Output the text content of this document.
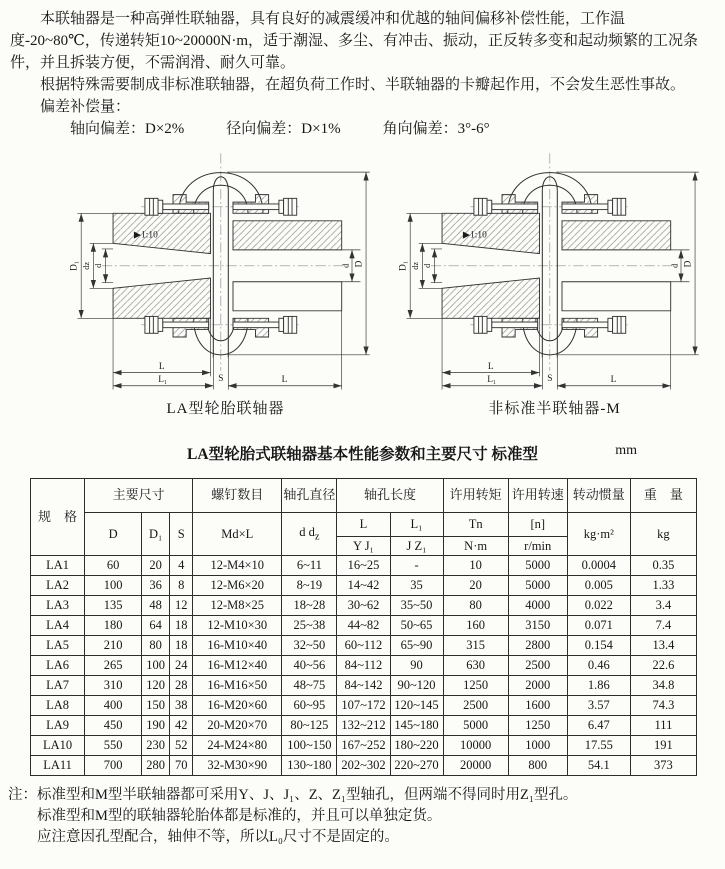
本联轴器是一种高弹性联轴器，具有良好的减震缓冲和优越的轴间偏移补偿性能，工作温度-20~80℃，传递转矩10~20000N·m，适于潮湿、多尘、有冲击、振动，正反转多变和起动频繁的工况条件，并且拆装方便，不需润滑、耐久可靠。

根据特殊需要制成非标准联轴器，在超负荷工作时、半联轴器的卡瓣起作用，不会发生恶性事故。

偏差补偿量：

轴向偏差：D×2%	径向偏差：D×1%	角向偏差：3°-6°

LA型轮胎联轴器	非标准半联轴器-M
LA型轮胎式联轴器基本性能参数和主要尺寸 标准型	mm
规　格	主要尺寸			螺钉数目	轴孔直径	轴孔长度		许用转矩	许用转速	转动惯量	重　量
	D	D₁	S	Md×L	d $d_z$	L	L₁	Tn	[n]	kg·m²	kg
						Y J₁	J Z₁	N·m	r/min		
LA1	60	20	4	12-M4×10	6~11	16~25	-	10	5000	0.0004	0.35
LA2	100	36	8	12-M6×20	8~19	14~42	35	20	5000	0.005	1.33
LA3	135	48	12	12-M8×25	18~28	30~62	35~50	80	4000	0.022	3.4
LA4	180	64	18	12-M10×30	25~38	44~82	50~65	160	3150	0.071	7.4
LA5	210	80	18	16-M10×40	32~50	60~112	65~90	315	2800	0.154	13.4
LA6	265	100	24	16-M12×40	40~56	84~112	90	630	2500	0.46	22.6
LA7	310	120	28	16-M16×50	48~75	84~142	90~120	1250	2000	1.86	34.8
LA8	400	150	38	16-M20×60	60~95	107~172	120~145	2500	1600	3.57	74.3
LA9	450	190	42	20-M20×70	80~125	132~212	145~180	5000	1250	6.47	111
LA10	550	230	52	24-M24×80	100~150	167~252	180~220	10000	1000	17.55	191
LA11	700	280	70	32-M30×90	130~180	202~302	220~270	20000	800	54.1	373
注： 标准型和M型半联轴器都可采用Y、J、J₁、Z、Z₁型轴孔，但两端不得同时用Z₁型孔。

标准型和M型的联轴器轮胎体都是标准的，并且可以单独定货。

应注意因孔型配合，轴伸不等，所以L₀尺寸不是固定的。
